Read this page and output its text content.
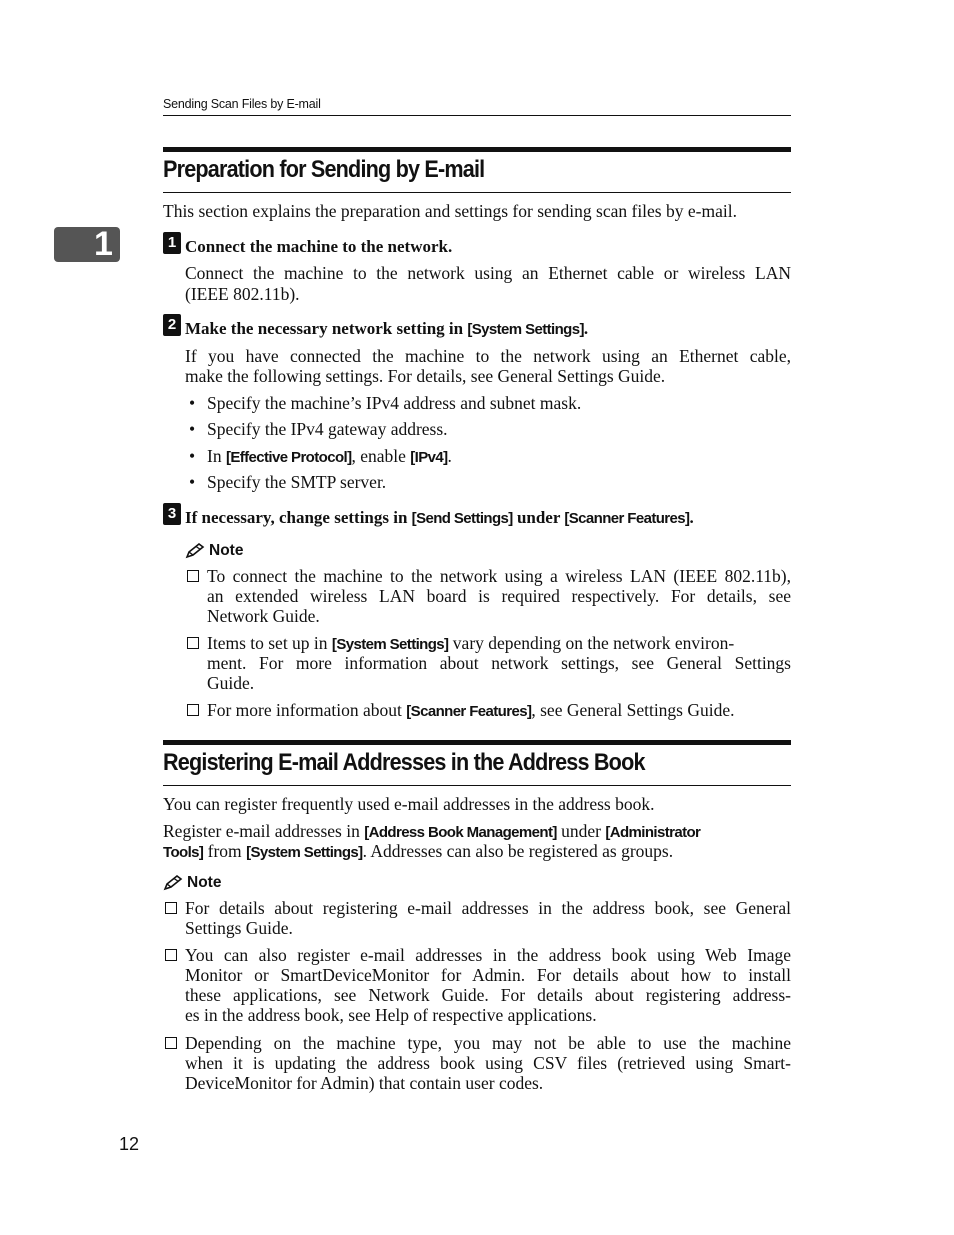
Sending Scan Files by E-mail
1
Preparation for Sending by E-mail
This section explains the preparation and settings for sending scan files by e-mail.
1 Connect the machine to the network.
Connect the machine to the network using an Ethernet cable or wireless LAN
(IEEE 802.11b).
2 Make the necessary network setting in [System Settings].
If you have connected the machine to the network using an Ethernet cable,
make the following settings. For details, see General Settings Guide.
• Specify the machine’s IPv4 address and subnet mask.
• Specify the IPv4 gateway address.
• In [Effective Protocol], enable [IPv4].
• Specify the SMTP server.
3 If necessary, change settings in [Send Settings] under [Scanner Features].
Note
To connect the machine to the network using a wireless LAN (IEEE 802.11b),
an extended wireless LAN board is required respectively. For details, see
Network Guide.
Items to set up in [System Settings] vary depending on the network environ-
ment. For more information about network settings, see General Settings
Guide.
For more information about [Scanner Features], see General Settings Guide.
Registering E-mail Addresses in the Address Book
You can register frequently used e-mail addresses in the address book.
Register e-mail addresses in [Address Book Management] under [Administrator
Tools] from [System Settings]. Addresses can also be registered as groups.
Note
For details about registering e-mail addresses in the address book, see General
Settings Guide.
You can also register e-mail addresses in the address book using Web Image
Monitor or SmartDeviceMonitor for Admin. For details about how to install
these applications, see Network Guide. For details about registering address-
es in the address book, see Help of respective applications.
Depending on the machine type, you may not be able to use the machine
when it is updating the address book using CSV files (retrieved using Smart-
DeviceMonitor for Admin) that contain user codes.
12
